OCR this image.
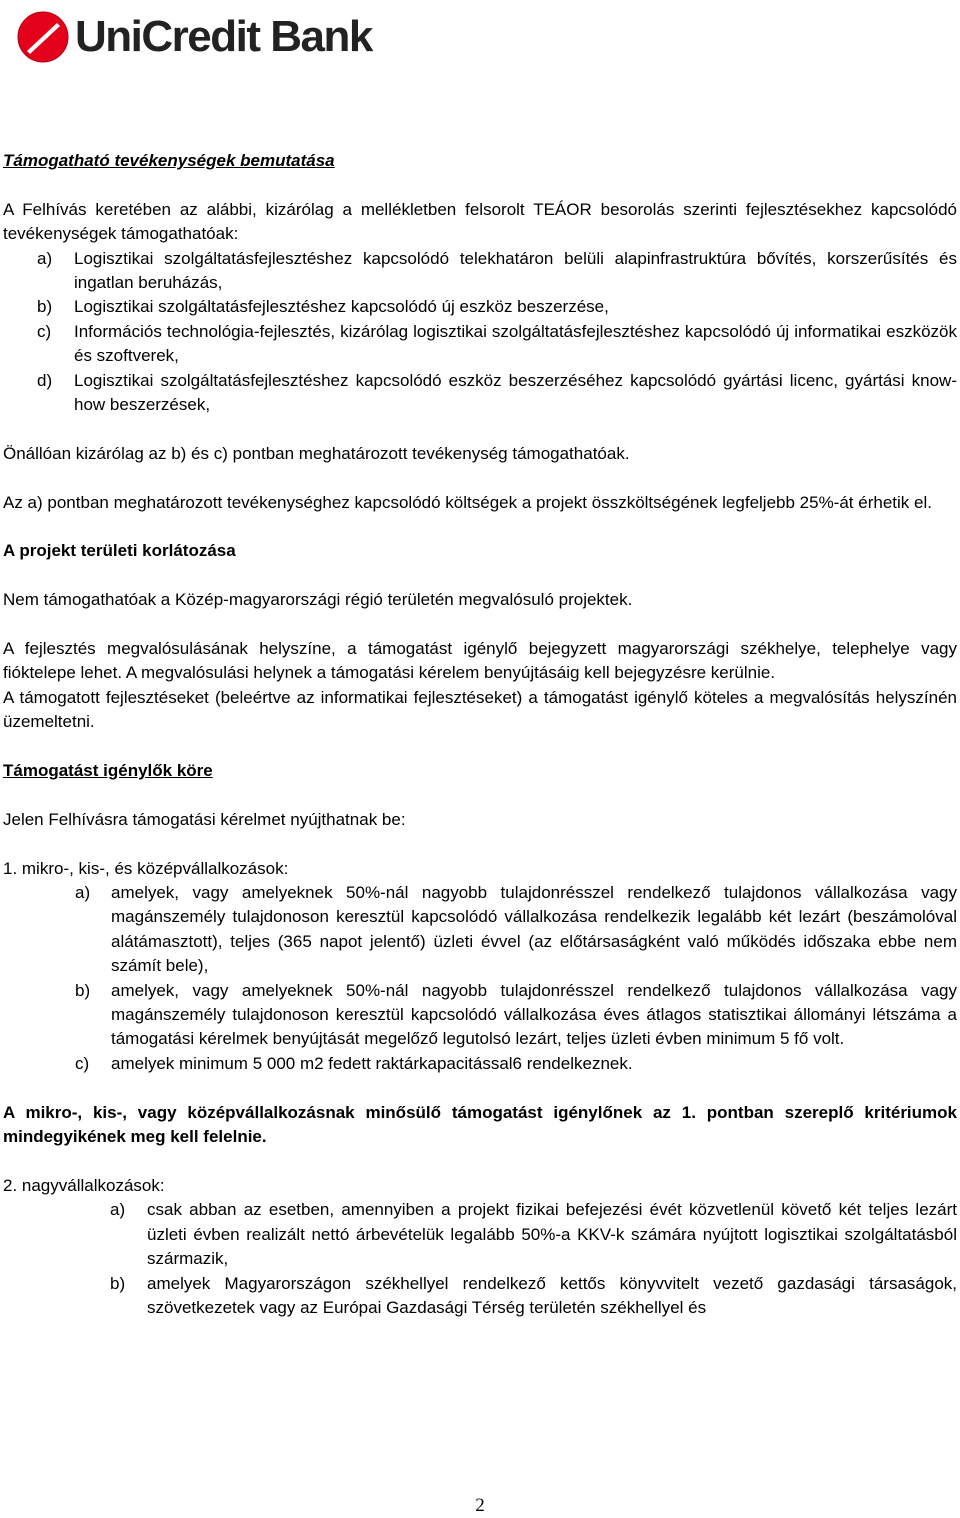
UniCredit Bank

Támogatható tevékenységek bemutatása

A Felhívás keretében az alábbi, kizárólag a mellékletben felsorolt TEÁOR besorolás szerinti fejlesztésekhez kapcsolódó tevékenységek támogathatóak:

a) Logisztikai szolgáltatásfejlesztéshez kapcsolódó telekhatáron belüli alapinfrastruktúra bővítés, korszerűsítés és ingatlan beruházás,
b) Logisztikai szolgáltatásfejlesztéshez kapcsolódó új eszköz beszerzése,
c) Információs technológia-fejlesztés, kizárólag logisztikai szolgáltatásfejlesztéshez kapcsolódó új informatikai eszközök és szoftverek,
d) Logisztikai szolgáltatásfejlesztéshez kapcsolódó eszköz beszerzéséhez kapcsolódó gyártási licenc, gyártási know-how beszerzések,

Önállóan kizárólag az b) és c) pontban meghatározott tevékenység támogathatóak.

Az a) pontban meghatározott tevékenységhez kapcsolódó költségek a projekt összköltségének legfeljebb 25%-át érhetik el.

A projekt területi korlátozása

Nem támogathatóak a Közép-magyarországi régió területén megvalósuló projektek.

A fejlesztés megvalósulásának helyszíne, a támogatást igénylő bejegyzett magyarországi székhelye, telephelye vagy fióktelepe lehet. A megvalósulási helynek a támogatási kérelem benyújtásáig kell bejegyzésre kerülnie.

A támogatott fejlesztéseket (beleértve az informatikai fejlesztéseket) a támogatást igénylő köteles a megvalósítás helyszínén üzemeltetni.

Támogatást igénylők köre

Jelen Felhívásra támogatási kérelmet nyújthatnak be:

1. mikro-, kis-, és középvállalkozások:

a) amelyek, vagy amelyeknek 50%-nál nagyobb tulajdonrésszel rendelkező tulajdonos vállalkozása vagy magánszemély tulajdonoson keresztül kapcsolódó vállalkozása rendelkezik legalább két lezárt (beszámolóval alátámasztott), teljes (365 napot jelentő) üzleti évvel (az előtársaságként való működés időszaka ebbe nem számít bele),
b) amelyek, vagy amelyeknek 50%-nál nagyobb tulajdonrésszel rendelkező tulajdonos vállalkozása vagy magánszemély tulajdonoson keresztül kapcsolódó vállalkozása éves átlagos statisztikai állományi létszáma a támogatási kérelmek benyújtását megelőző legutolsó lezárt, teljes üzleti évben minimum 5 fő volt.
c) amelyek minimum 5 000 m2 fedett raktárkapacitással6 rendelkeznek.

A mikro-, kis-, vagy középvállalkozásnak minősülő támogatást igénylőnek az 1. pontban szereplő kritériumok mindegyikének meg kell felelnie.

2. nagyvállalkozások:

a) csak abban az esetben, amennyiben a projekt fizikai befejezési évét közvetlenül követő két teljes lezárt üzleti évben realizált nettó árbevételük legalább 50%-a KKV-k számára nyújtott logisztikai szolgáltatásból származik,
b) amelyek Magyarországon székhellyel rendelkező kettős könyvvitelt vezető gazdasági társaságok, szövetkezetek vagy az Európai Gazdasági Térség területén székhellyel és
2
